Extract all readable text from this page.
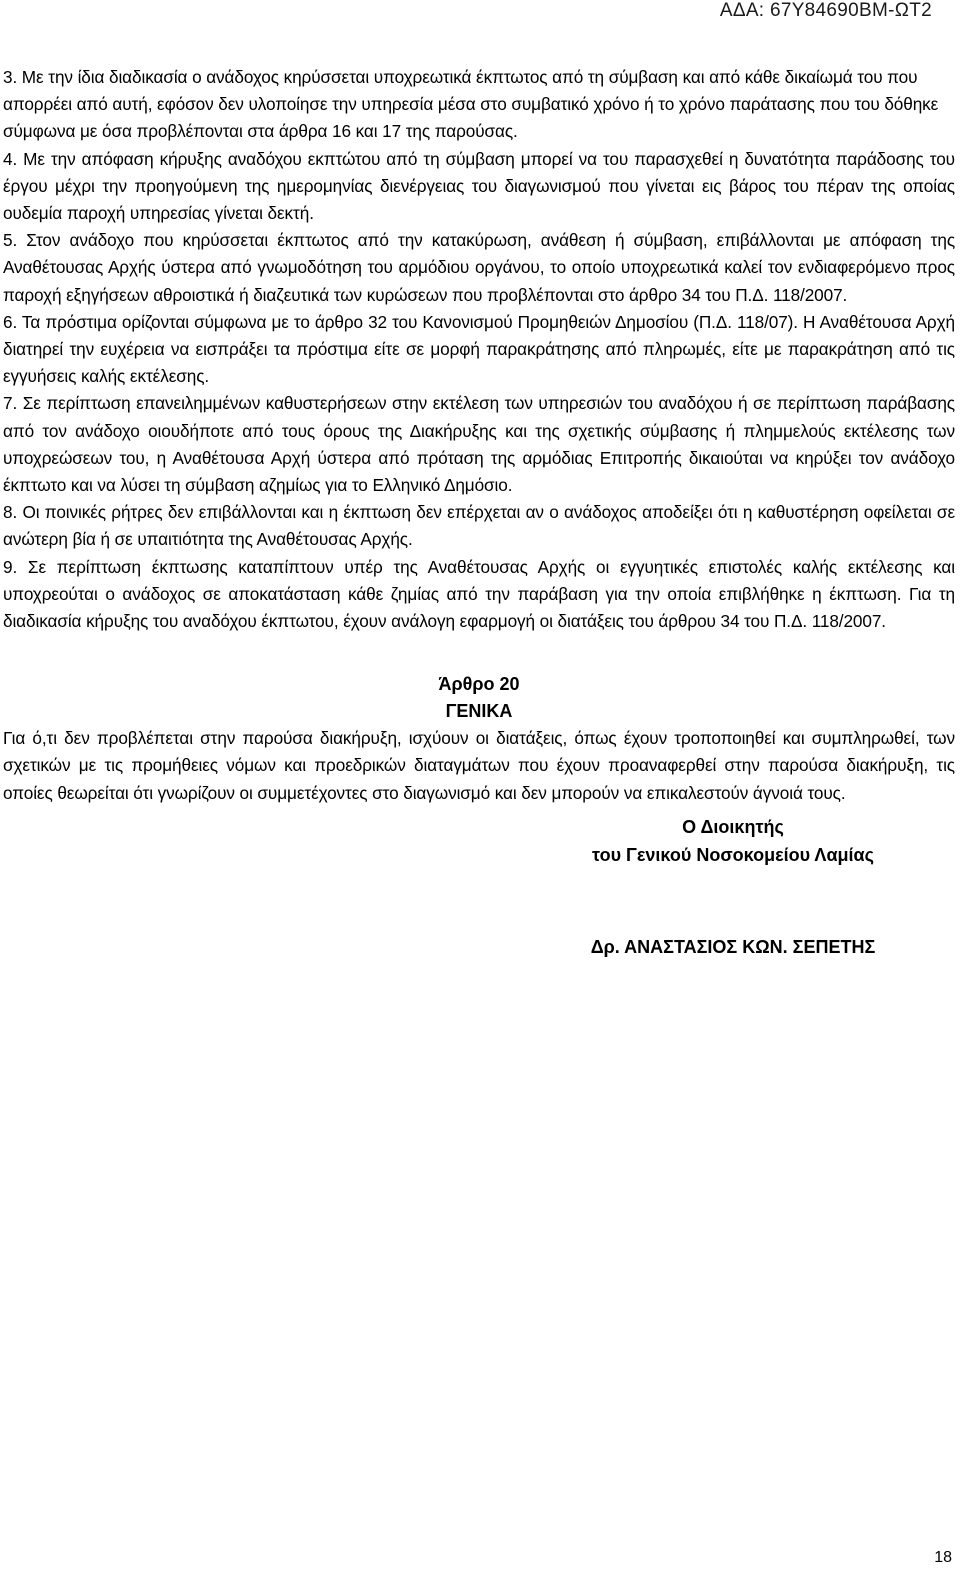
ΑΔΑ: 67Υ84690ΒΜ-ΩΤ2

3. Με την ίδια διαδικασία ο ανάδοχος κηρύσσεται υποχρεωτικά έκπτωτος από τη σύμβαση και από κάθε δικαίωμά του που απορρέει από αυτή, εφόσον δεν υλοποίησε την υπηρεσία μέσα στο συμβατικό χρόνο ή το χρόνο παράτασης που του δόθηκε σύμφωνα με όσα προβλέπονται στα άρθρα 16 και 17 της παρούσας.

4. Με την απόφαση κήρυξης αναδόχου εκπτώτου από τη σύμβαση μπορεί να του παρασχεθεί η δυνατότητα παράδοσης του έργου μέχρι την προηγούμενη της ημερομηνίας διενέργειας του διαγωνισμού που γίνεται εις βάρος του πέραν της οποίας ουδεμία παροχή υπηρεσίας γίνεται δεκτή.

5. Στον ανάδοχο που κηρύσσεται έκπτωτος από την κατακύρωση, ανάθεση ή σύμβαση, επιβάλλονται με απόφαση της Αναθέτουσας Αρχής ύστερα από γνωμοδότηση του αρμόδιου οργάνου, το οποίο υποχρεωτικά καλεί τον ενδιαφερόμενο προς παροχή εξηγήσεων αθροιστικά ή διαζευτικά των κυρώσεων που προβλέπονται στο άρθρο 34 του Π.Δ. 118/2007.

6. Τα πρόστιμα ορίζονται σύμφωνα με το άρθρο 32 του Κανονισμού Προμηθειών Δημοσίου (Π.Δ. 118/07). Η Αναθέτουσα Αρχή διατηρεί την ευχέρεια να εισπράξει τα πρόστιμα είτε σε μορφή παρακράτησης από πληρωμές, είτε με παρακράτηση από τις εγγυήσεις καλής εκτέλεσης.

7. Σε περίπτωση επανειλημμένων καθυστερήσεων στην εκτέλεση των υπηρεσιών του αναδόχου ή σε περίπτωση παράβασης από τον ανάδοχο οιουδήποτε από τους όρους της Διακήρυξης και της σχετικής σύμβασης ή πλημμελούς εκτέλεσης των υποχρεώσεων του, η Αναθέτουσα Αρχή ύστερα από πρόταση της αρμόδιας Επιτροπής δικαιούται να κηρύξει τον ανάδοχο έκπτωτο και να λύσει τη σύμβαση αζημίως για το Ελληνικό Δημόσιο.

8. Οι ποινικές ρήτρες δεν επιβάλλονται και η έκπτωση δεν επέρχεται αν ο ανάδοχος αποδείξει ότι η καθυστέρηση οφείλεται σε ανώτερη βία ή σε υπαιτιότητα της Αναθέτουσας Αρχής.

9. Σε περίπτωση έκπτωσης καταπίπτουν υπέρ της Αναθέτουσας Αρχής οι εγγυητικές επιστολές καλής εκτέλεσης και υποχρεούται ο ανάδοχος σε αποκατάσταση κάθε ζημίας από την παράβαση για την οποία επιβλήθηκε η έκπτωση. Για τη διαδικασία κήρυξης του αναδόχου έκπτωτου, έχουν ανάλογη εφαρμογή οι διατάξεις του άρθρου 34 του Π.Δ. 118/2007.

Άρθρο 20
ΓΕΝΙΚΑ

Για ό,τι δεν προβλέπεται στην παρούσα διακήρυξη, ισχύουν οι διατάξεις, όπως έχουν τροποποιηθεί και συμπληρωθεί, των σχετικών με τις προμήθειες νόμων και προεδρικών διαταγμάτων που έχουν προαναφερθεί στην παρούσα διακήρυξη, τις οποίες θεωρείται ότι γνωρίζουν οι συμμετέχοντες στο διαγωνισμό και δεν μπορούν να επικαλεστούν άγνοιά τους.

Ο Διοικητής
του Γενικού Νοσοκομείου Λαμίας
Δρ. ΑΝΑΣΤΑΣΙΟΣ ΚΩΝ. ΣΕΠΕΤΗΣ
18
